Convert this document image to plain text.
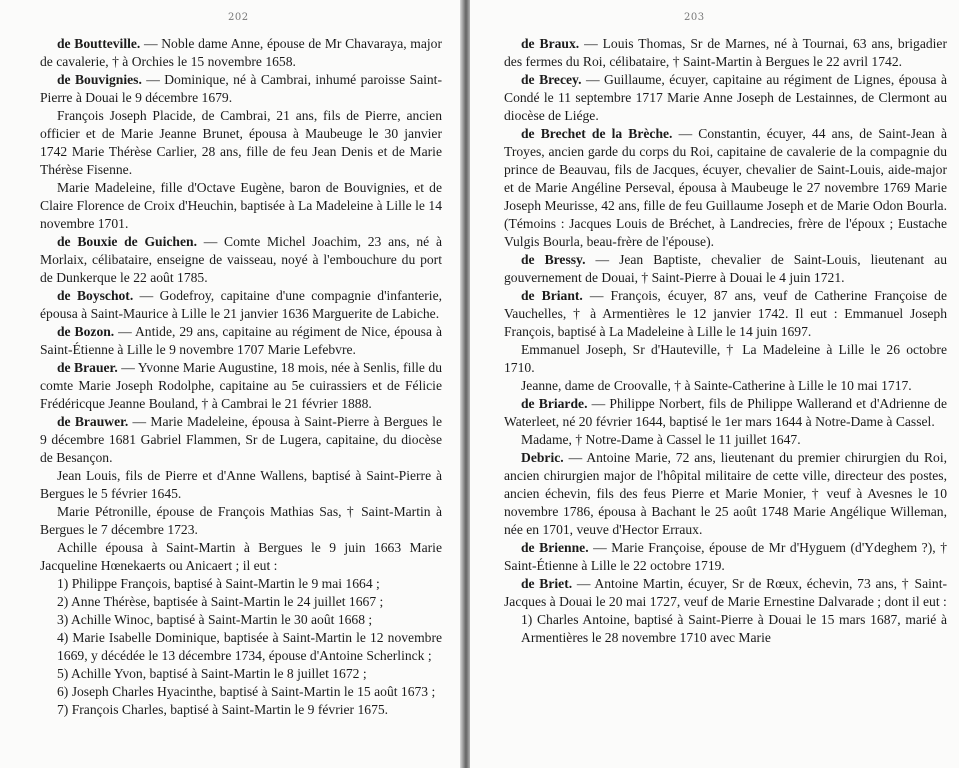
202

de Boutteville. — Noble dame Anne, épouse de Mr Chavaraya, major de cavalerie, † à Orchies le 15 novembre 1658.

de Bouvignies. — Dominique, né à Cambrai, inhumé paroisse Saint-Pierre à Douai le 9 décembre 1679.

François Joseph Placide, de Cambrai, 21 ans, fils de Pierre, ancien officier et de Marie Jeanne Brunet, épousa à Maubeuge le 30 janvier 1742 Marie Thérèse Carlier, 28 ans, fille de feu Jean Denis et de Marie Thérèse Fisenne.

Marie Madeleine, fille d'Octave Eugène, baron de Bouvignies, et de Claire Florence de Croix d'Heuchin, baptisée à La Madeleine à Lille le 14 novembre 1701.

de Bouxie de Guichen. — Comte Michel Joachim, 23 ans, né à Morlaix, célibataire, enseigne de vaisseau, noyé à l'embouchure du port de Dunkerque le 22 août 1785.

de Boyschot. — Godefroy, capitaine d'une compagnie d'infanterie, épousa à Saint-Maurice à Lille le 21 janvier 1636 Marguerite de Labiche.

de Bozon. — Antide, 29 ans, capitaine au régiment de Nice, épousa à Saint-Étienne à Lille le 9 novembre 1707 Marie Lefebvre.

de Brauer. — Yvonne Marie Augustine, 18 mois, née à Senlis, fille du comte Marie Joseph Rodolphe, capitaine au 5e cuirassiers et de Félicie Frédéricque Jeanne Bouland, † à Cambrai le 21 février 1888.

de Brauwer. — Marie Madeleine, épousa à Saint-Pierre à Bergues le 9 décembre 1681 Gabriel Flammen, Sr de Lugera, capitaine, du diocèse de Besançon.

Jean Louis, fils de Pierre et d'Anne Wallens, baptisé à Saint-Pierre à Bergues le 5 février 1645.

Marie Pétronille, épouse de François Mathias Sas, † Saint-Martin à Bergues le 7 décembre 1723.

Achille épousa à Saint-Martin à Bergues le 9 juin 1663 Marie Jacqueline Hœnekaerts ou Anicaert ; il eut :

1) Philippe François, baptisé à Saint-Martin le 9 mai 1664 ;

2) Anne Thérèse, baptisée à Saint-Martin le 24 juillet 1667 ;

3) Achille Winoc, baptisé à Saint-Martin le 30 août 1668 ;

4) Marie Isabelle Dominique, baptisée à Saint-Martin le 12 novembre 1669, y décédée le 13 décembre 1734, épouse d'Antoine Scherlinck ;

5) Achille Yvon, baptisé à Saint-Martin le 8 juillet 1672 ;

6) Joseph Charles Hyacinthe, baptisé à Saint-Martin le 15 août 1673 ;

7) François Charles, baptisé à Saint-Martin le 9 février 1675.

203

de Braux. — Louis Thomas, Sr de Marnes, né à Tournai, 63 ans, brigadier des fermes du Roi, célibataire, † Saint-Martin à Bergues le 22 avril 1742.

de Brecey. — Guillaume, écuyer, capitaine au régiment de Lignes, épousa à Condé le 11 septembre 1717 Marie Anne Joseph de Lestainnes, de Clermont au diocèse de Liége.

de Brechet de la Brèche. — Constantin, écuyer, 44 ans, de Saint-Jean à Troyes, ancien garde du corps du Roi, capitaine de cavalerie de la compagnie du prince de Beauvau, fils de Jacques, écuyer, chevalier de Saint-Louis, aide-major et de Marie Angéline Perseval, épousa à Maubeuge le 27 novembre 1769 Marie Joseph Meurisse, 42 ans, fille de feu Guillaume Joseph et de Marie Odon Bourla. (Témoins : Jacques Louis de Bréchet, à Landrecies, frère de l'époux ; Eustache Vulgis Bourla, beau-frère de l'épouse).

de Bressy. — Jean Baptiste, chevalier de Saint-Louis, lieutenant au gouvernement de Douai, † Saint-Pierre à Douai le 4 juin 1721.

de Briant. — François, écuyer, 87 ans, veuf de Catherine Françoise de Vauchelles, † à Armentières le 12 janvier 1742. Il eut : Emmanuel Joseph François, baptisé à La Madeleine à Lille le 14 juin 1697.

Emmanuel Joseph, Sr d'Hauteville, † La Madeleine à Lille le 26 octobre 1710.

Jeanne, dame de Croovalle, † à Sainte-Catherine à Lille le 10 mai 1717.

de Briarde. — Philippe Norbert, fils de Philippe Wallerand et d'Adrienne de Waterleet, né 20 février 1644, baptisé le 1er mars 1644 à Notre-Dame à Cassel.

Madame, † Notre-Dame à Cassel le 11 juillet 1647.

Debric. — Antoine Marie, 72 ans, lieutenant du premier chirurgien du Roi, ancien chirurgien major de l'hôpital militaire de cette ville, directeur des postes, ancien échevin, fils des feus Pierre et Marie Monier, † veuf à Avesnes le 10 novembre 1786, épousa à Bachant le 25 août 1748 Marie Angélique Willeman, née en 1701, veuve d'Hector Erraux.

de Brienne. — Marie Françoise, épouse de Mr d'Hyguem (d'Ydeghem ?), † Saint-Étienne à Lille le 22 octobre 1719.

de Briet. — Antoine Martin, écuyer, Sr de Rœux, échevin, 73 ans, † Saint-Jacques à Douai le 20 mai 1727, veuf de Marie Ernestine Dalvarade ; dont il eut :

1) Charles Antoine, baptisé à Saint-Pierre à Douai le 15 mars 1687, marié à Armentières le 28 novembre 1710 avec Marie
